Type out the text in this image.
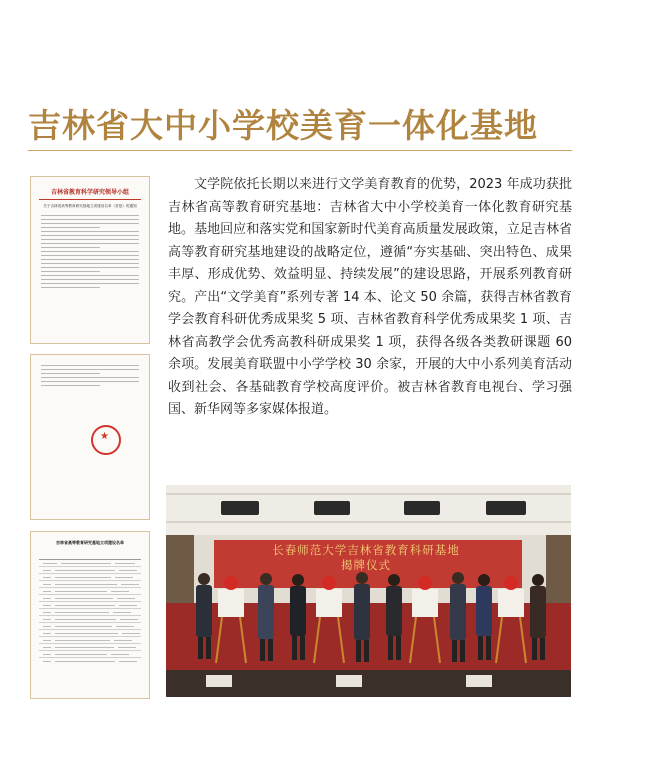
吉林省大中小学校美育一体化基地
吉林省教育科学研究领导小组
关于吉林省高等教育研究基地立项建设名单（首批）的通知
★
吉林省高等教育研究基地立项建设名单

文学院依托长期以来进行文学美育教育的优势，2023 年成功获批吉林省高等教育研究基地：吉林省大中小学校美育一体化教育研究基地。基地回应和落实党和国家新时代美育高质量发展政策，立足吉林省高等教育研究基地建设的战略定位，遵循“夯实基础、突出特色、成果丰厚、形成优势、效益明显、持续发展”的建设思路，开展系列教育研究。产出“文学美育”系列专著 14 本、论文 50 余篇，获得吉林省教育学会教育科研优秀成果奖 5 项、吉林省教育科学优秀成果奖 1 项、吉林省高教学会优秀高教科研成果奖 1 项，获得各级各类教研课题 60 余项。发展美育联盟中小学学校 30 余家，开展的大中小系列美育活动收到社会、各基础教育学校高度评价。被吉林省教育电视台、学习强国、新华网等多家媒体报道。

长春师范大学吉林省教育科研基地
揭牌仪式
